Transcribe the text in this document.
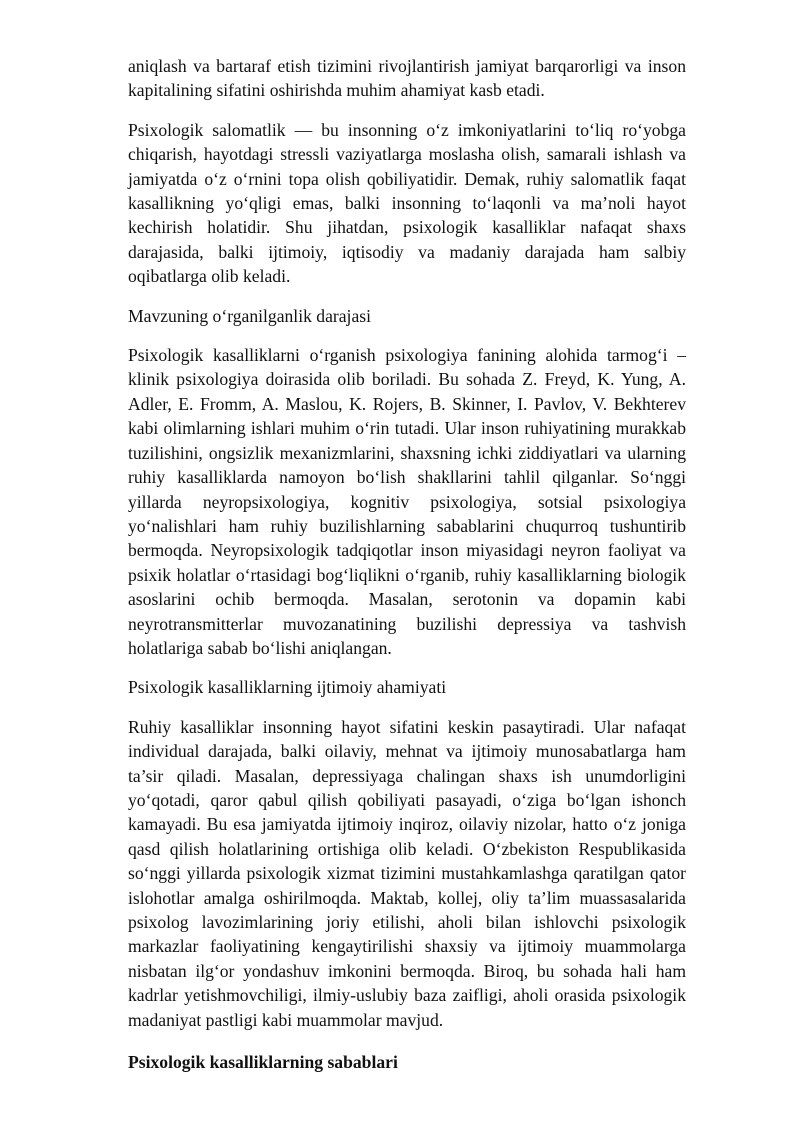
aniqlash va bartaraf etish tizimini rivojlantirish jamiyat barqarorligi va inson kapitalining sifatini oshirishda muhim ahamiyat kasb etadi.

Psixologik salomatlik — bu insonning o‘z imkoniyatlarini to‘liq ro‘yobga chiqarish, hayotdagi stressli vaziyatlarga moslasha olish, samarali ishlash va jamiyatda o‘z o‘rnini topa olish qobiliyatidir. Demak, ruhiy salomatlik faqat kasallikning yo‘qligi emas, balki insonning to‘laqonli va ma’noli hayot kechirish holatidir. Shu jihatdan, psixologik kasalliklar nafaqat shaxs darajasida, balki ijtimoiy, iqtisodiy va madaniy darajada ham salbiy oqibatlarga olib keladi.

Mavzuning o‘rganilganlik darajasi

Psixologik kasalliklarni o‘rganish psixologiya fanining alohida tarmog‘i – klinik psixologiya doirasida olib boriladi. Bu sohada Z. Freyd, K. Yung, A. Adler, E. Fromm, A. Maslou, K. Rojers, B. Skinner, I. Pavlov, V. Bekhterev kabi olimlarning ishlari muhim o‘rin tutadi. Ular inson ruhiyatining murakkab tuzilishini, ongsizlik mexanizmlarini, shaxsning ichki ziddiyatlari va ularning ruhiy kasalliklarda namoyon bo‘lish shakllarini tahlil qilganlar. So‘nggi yillarda neyropsixologiya, kognitiv psixologiya, sotsial psixologiya yo‘nalishlari ham ruhiy buzilishlarning sabablarini chuqurroq tushuntirib bermoqda. Neyropsixologik tadqiqotlar inson miyasidagi neyron faoliyat va psixik holatlar o‘rtasidagi bog‘liqlikni o‘rganib, ruhiy kasalliklarning biologik asoslarini ochib bermoqda. Masalan, serotonin va dopamin kabi neyrotransmitterlar muvozanatining buzilishi depressiya va tashvish holatlariga sabab bo‘lishi aniqlangan.

Psixologik kasalliklarning ijtimoiy ahamiyati

Ruhiy kasalliklar insonning hayot sifatini keskin pasaytiradi. Ular nafaqat individual darajada, balki oilaviy, mehnat va ijtimoiy munosabatlarga ham ta’sir qiladi. Masalan, depressiyaga chalingan shaxs ish unumdorligini yo‘qotadi, qaror qabul qilish qobiliyati pasayadi, o‘ziga bo‘lgan ishonch kamayadi. Bu esa jamiyatda ijtimoiy inqiroz, oilaviy nizolar, hatto o‘z joniga qasd qilish holatlarining ortishiga olib keladi. O‘zbekiston Respublikasida so‘nggi yillarda psixologik xizmat tizimini mustahkamlashga qaratilgan qator islohotlar amalga oshirilmoqda. Maktab, kollej, oliy ta’lim muassasalarida psixolog lavozimlarining joriy etilishi, aholi bilan ishlovchi psixologik markazlar faoliyatining kengaytirilishi shaxsiy va ijtimoiy muammolarga nisbatan ilg‘or yondashuv imkonini bermoqda. Biroq, bu sohada hali ham kadrlar yetishmovchiligi, ilmiy-uslubiy baza zaifligi, aholi orasida psixologik madaniyat pastligi kabi muammolar mavjud.

Psixologik kasalliklarning sabablari
